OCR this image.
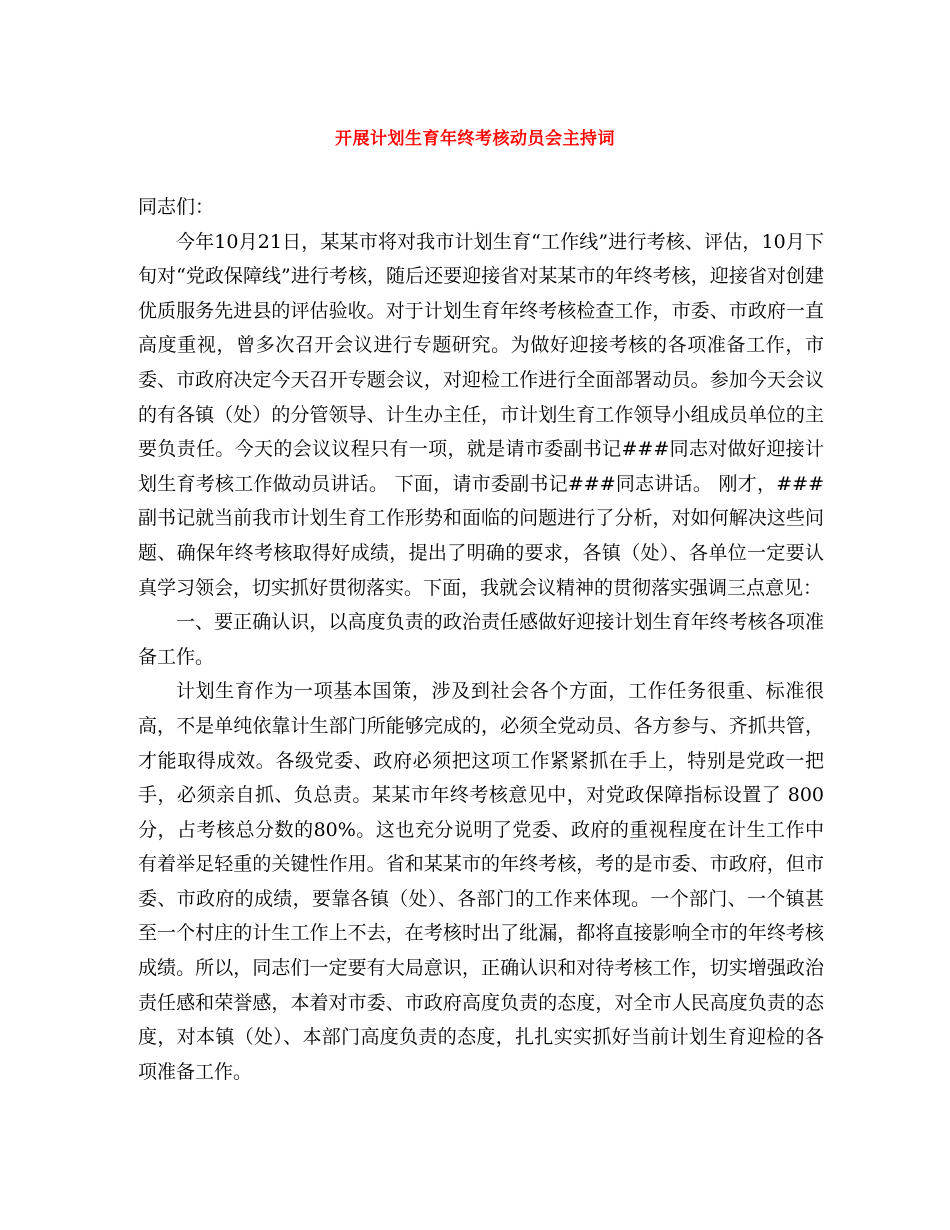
开展计划生育年终考核动员会主持词

同志们：

今年10月21日，某某市将对我市计划生育“工作线”进行考核、评估，10月下旬对“党政保障线”进行考核，随后还要迎接省对某某市的年终考核，迎接省对创建优质服务先进县的评估验收。对于计划生育年终考核检查工作，市委、市政府一直高度重视，曾多次召开会议进行专题研究。为做好迎接考核的各项准备工作，市委、市政府决定今天召开专题会议，对迎检工作进行全面部署动员。参加今天会议的有各镇（处）的分管领导、计生办主任，市计划生育工作领导小组成员单位的主要负责任。今天的会议议程只有一项，就是请市委副书记###同志对做好迎接计划生育考核工作做动员讲话。 下面，请市委副书记###同志讲话。 刚才，###副书记就当前我市计划生育工作形势和面临的问题进行了分析，对如何解决这些问题、确保年终考核取得好成绩，提出了明确的要求，各镇（处）、各单位一定要认真学习领会，切实抓好贯彻落实。下面，我就会议精神的贯彻落实强调三点意见：

一、要正确认识，以高度负责的政治责任感做好迎接计划生育年终考核各项准备工作。

计划生育作为一项基本国策，涉及到社会各个方面，工作任务很重、标准很高，不是单纯依靠计生部门所能够完成的，必须全党动员、各方参与、齐抓共管，才能取得成效。各级党委、政府必须把这项工作紧紧抓在手上，特别是党政一把手，必须亲自抓、负总责。某某市年终考核意见中，对党政保障指标设置了 800分，占考核总分数的80%。这也充分说明了党委、政府的重视程度在计生工作中有着举足轻重的关键性作用。省和某某市的年终考核，考的是市委、市政府，但市委、市政府的成绩，要靠各镇（处）、各部门的工作来体现。一个部门、一个镇甚至一个村庄的计生工作上不去，在考核时出了纰漏，都将直接影响全市的年终考核成绩。所以，同志们一定要有大局意识，正确认识和对待考核工作，切实增强政治责任感和荣誉感，本着对市委、市政府高度负责的态度，对全市人民高度负责的态度，对本镇（处）、本部门高度负责的态度，扎扎实实抓好当前计划生育迎检的各项准备工作。
